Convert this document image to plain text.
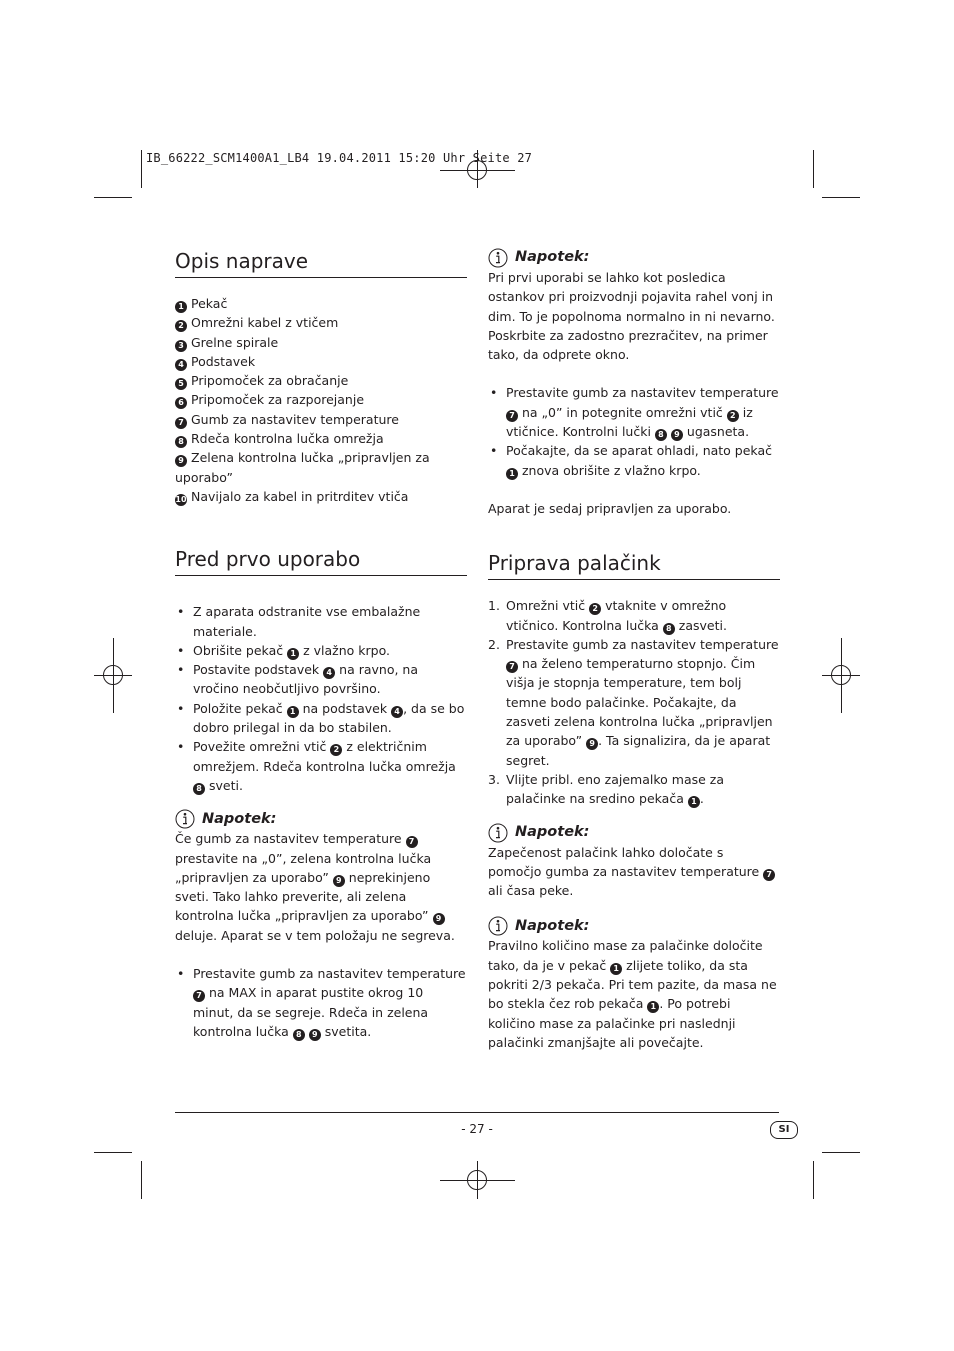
IB_66222_SCM1400A1_LB4 19.04.2011 15:20 Uhr Seite 27
Opis naprave
1 Pekač
2 Omrežni kabel z vtičem
3 Grelne spirale
4 Podstavek
5 Pripomoček za obračanje
6 Pripomoček za razporejanje
7 Gumb za nastavitev temperature
8 Rdeča kontrolna lučka omrežja
9 Zelena kontrolna lučka „pripravljen za uporabo”
10 Navijalo za kabel in pritrditev vtiča
Pred prvo uporabo
• Z aparata odstranite vse embalažne materiale.
• Obrišite pekač 1 z vlažno krpo.
• Postavite podstavek 4 na ravno, na vročino neobčutljivo površino.
• Položite pekač 1 na podstavek 4 , da se bo dobro prilegal in da bo stabilen.
• Povežite omrežni vtič 2 z električnim omrežjem. Rdeča kontrolna lučka omrežja 8 sveti.
Napotek:

Če gumb za nastavitev temperature 7 prestavite na „0”, zelena kontrolna lučka „pripravljen za uporabo” 9 neprekinjeno sveti. Tako lahko preverite, ali zelena kontrolna lučka „pripravljen za uporabo” 9 deluje. Aparat se v tem položaju ne segreva.

• Prestavite gumb za nastavitev temperature 7 na MAX in aparat pustite okrog 10 minut, da se segreje. Rdeča in zelena kontrolna lučka 8 9 svetita.
Napotek:

Pri prvi uporabi se lahko kot posledica ostankov pri proizvodnji pojavita rahel vonj in dim. To je popolnoma normalno in ni nevarno. Poskrbite za zadostno prezračitev, na primer tako, da odprete okno.

• Prestavite gumb za nastavitev temperature 7 na „0” in potegnite omrežni vtič 2 iz vtičnice. Kontrolni lučki 8 9 ugasneta.
• Počakajte, da se aparat ohladi, nato pekač 1 znova obrišite z vlažno krpo.

Aparat je sedaj pripravljen za uporabo.

Priprava palačink
1. Omrežni vtič 2 vtaknite v omrežno vtičnico. Kontrolna lučka 8 zasveti.
2. Prestavite gumb za nastavitev temperature 7 na želeno temperaturno stopnjo. Čim višja je stopnja temperature, tem bolj temne bodo palačinke. Počakajte, da zasveti zelena kontrolna lučka „pripravljen za uporabo” 9 . Ta signalizira, da je aparat segret.
3. Vlijte pribl. eno zajemalko mase za palačinke na sredino pekača 1 .
Napotek:

Zapečenost palačink lahko določate s pomočjo gumba za nastavitev temperature 7 ali časa peke.

Napotek:

Pravilno količino mase za palačinke določite tako, da je v pekač 1 zlijete toliko, da sta pokriti 2/3 pekača. Pri tem pazite, da masa ne bo stekla čez rob pekača 1 . Po potrebi količino mase za palačinke pri naslednji palačinki zmanjšajte ali povečajte.

- 27 -	SI
